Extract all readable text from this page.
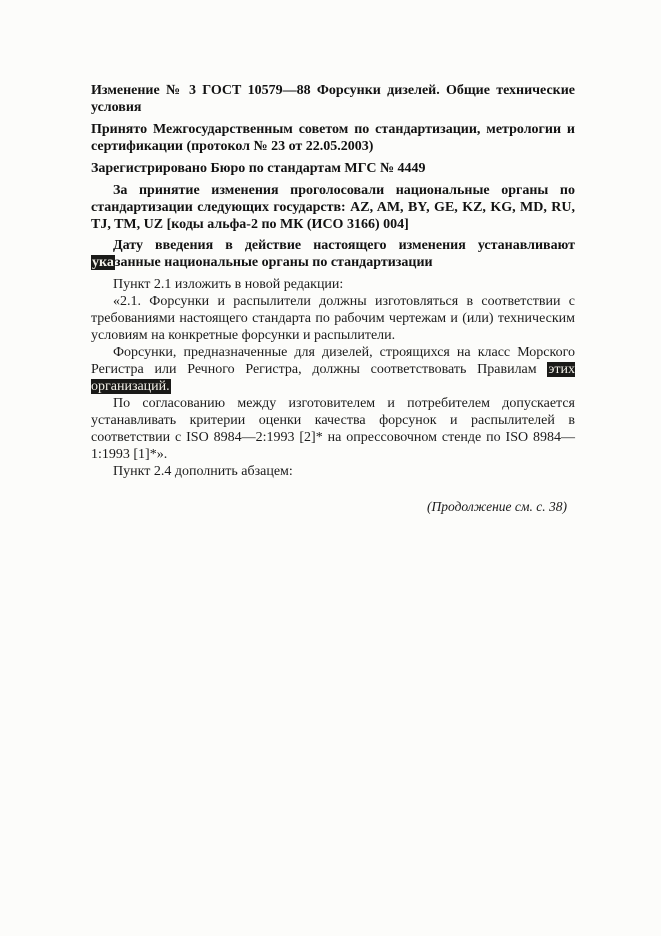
Изменение № 3 ГОСТ 10579—88 Форсунки дизелей. Общие технические условия

Принято Межгосударственным советом по стандартизации, метрологии и сертификации (протокол № 23 от 22.05.2003)

Зарегистрировано Бюро по стандартам МГС № 4449

За принятие изменения проголосовали национальные органы по стандартизации следующих государств: AZ, AM, BY, GE, KZ, KG, MD, RU, TJ, TM, UZ [коды альфа-2 по МК (ИСО 3166) 004]

Дату введения в действие настоящего изменения устанавливают указанные национальные органы по стандартизации

Пункт 2.1 изложить в новой редакции:

«2.1. Форсунки и распылители должны изготовляться в соответствии с требованиями настоящего стандарта по рабочим чертежам и (или) техническим условиям на конкретные форсунки и распылители.

Форсунки, предназначенные для дизелей, строящихся на класс Морского Регистра или Речного Регистра, должны соответствовать Правилам этих организаций.

По согласованию между изготовителем и потребителем допускается устанавливать критерии оценки качества форсунок и распылителей в соответствии с ISO 8984—2:1993 [2]* на опрессовочном стенде по ISO 8984—1:1993 [1]*».

Пункт 2.4 дополнить абзацем:

(Продолжение см. с. 38)
